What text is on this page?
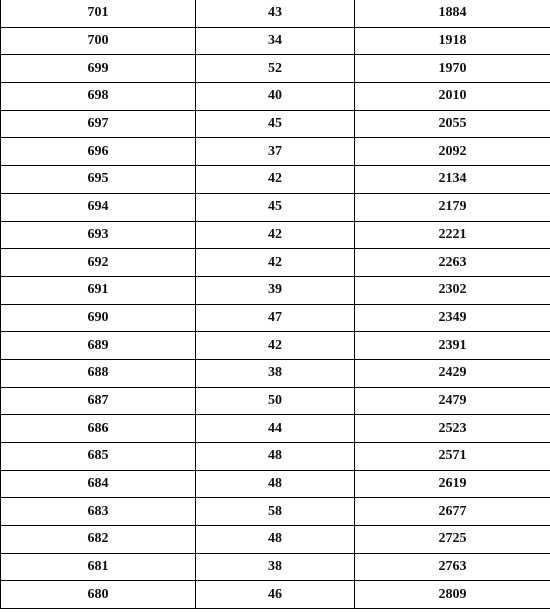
701	43	1884
700	34	1918
699	52	1970
698	40	2010
697	45	2055
696	37	2092
695	42	2134
694	45	2179
693	42	2221
692	42	2263
691	39	2302
690	47	2349
689	42	2391
688	38	2429
687	50	2479
686	44	2523
685	48	2571
684	48	2619
683	58	2677
682	48	2725
681	38	2763
680	46	2809
